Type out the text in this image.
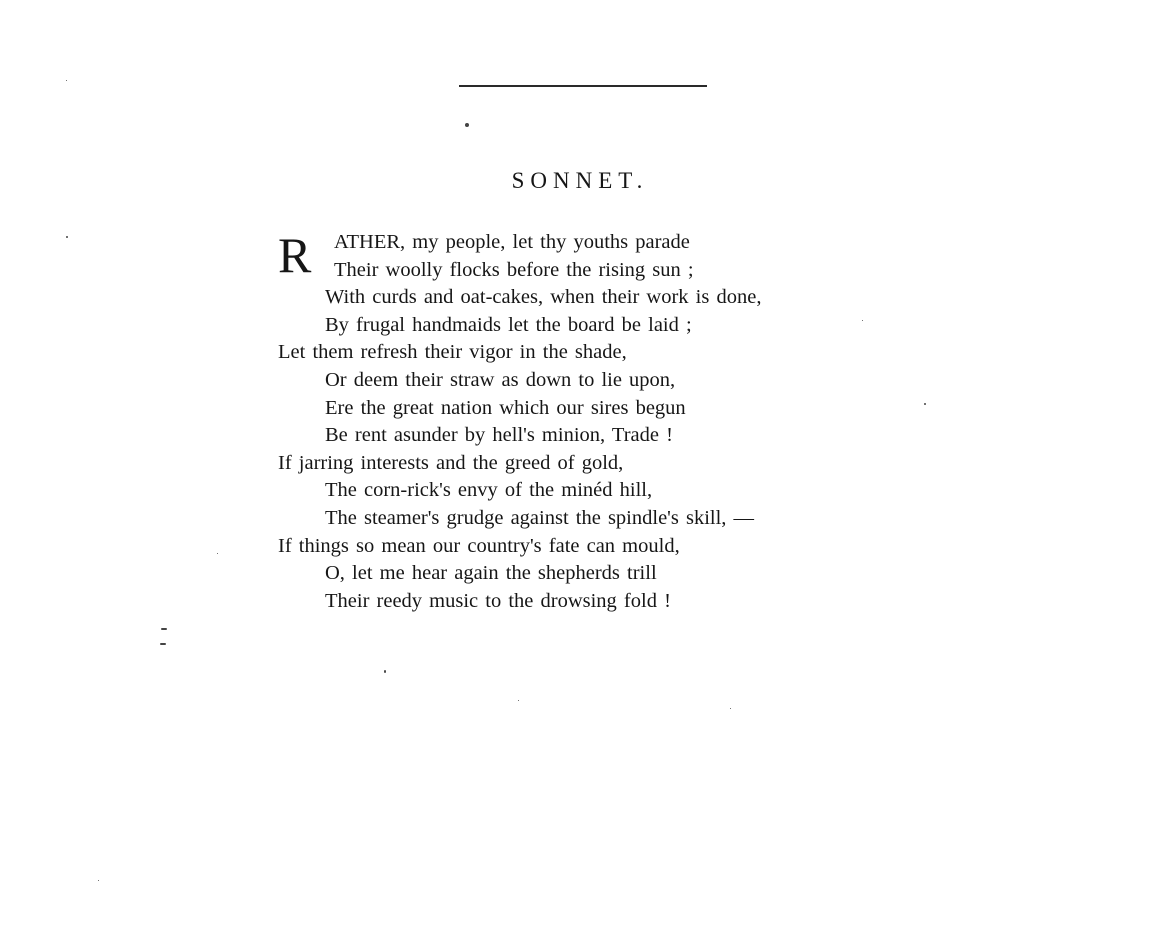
SONNET.
R	ATHER, my people, let thy youths parade
Their woolly flocks before the rising sun ;
With curds and oat-cakes, when their work is done,
By frugal handmaids let the board be laid ;
Let them refresh their vigor in the shade,
Or deem their straw as down to lie upon,
Ere the great nation which our sires begun
Be rent asunder by hell's minion, Trade !
If jarring interests and the greed of gold,
The corn-rick's envy of the minéd hill,
The steamer's grudge against the spindle's skill, —
If things so mean our country's fate can mould,
O, let me hear again the shepherds trill
Their reedy music to the drowsing fold !
